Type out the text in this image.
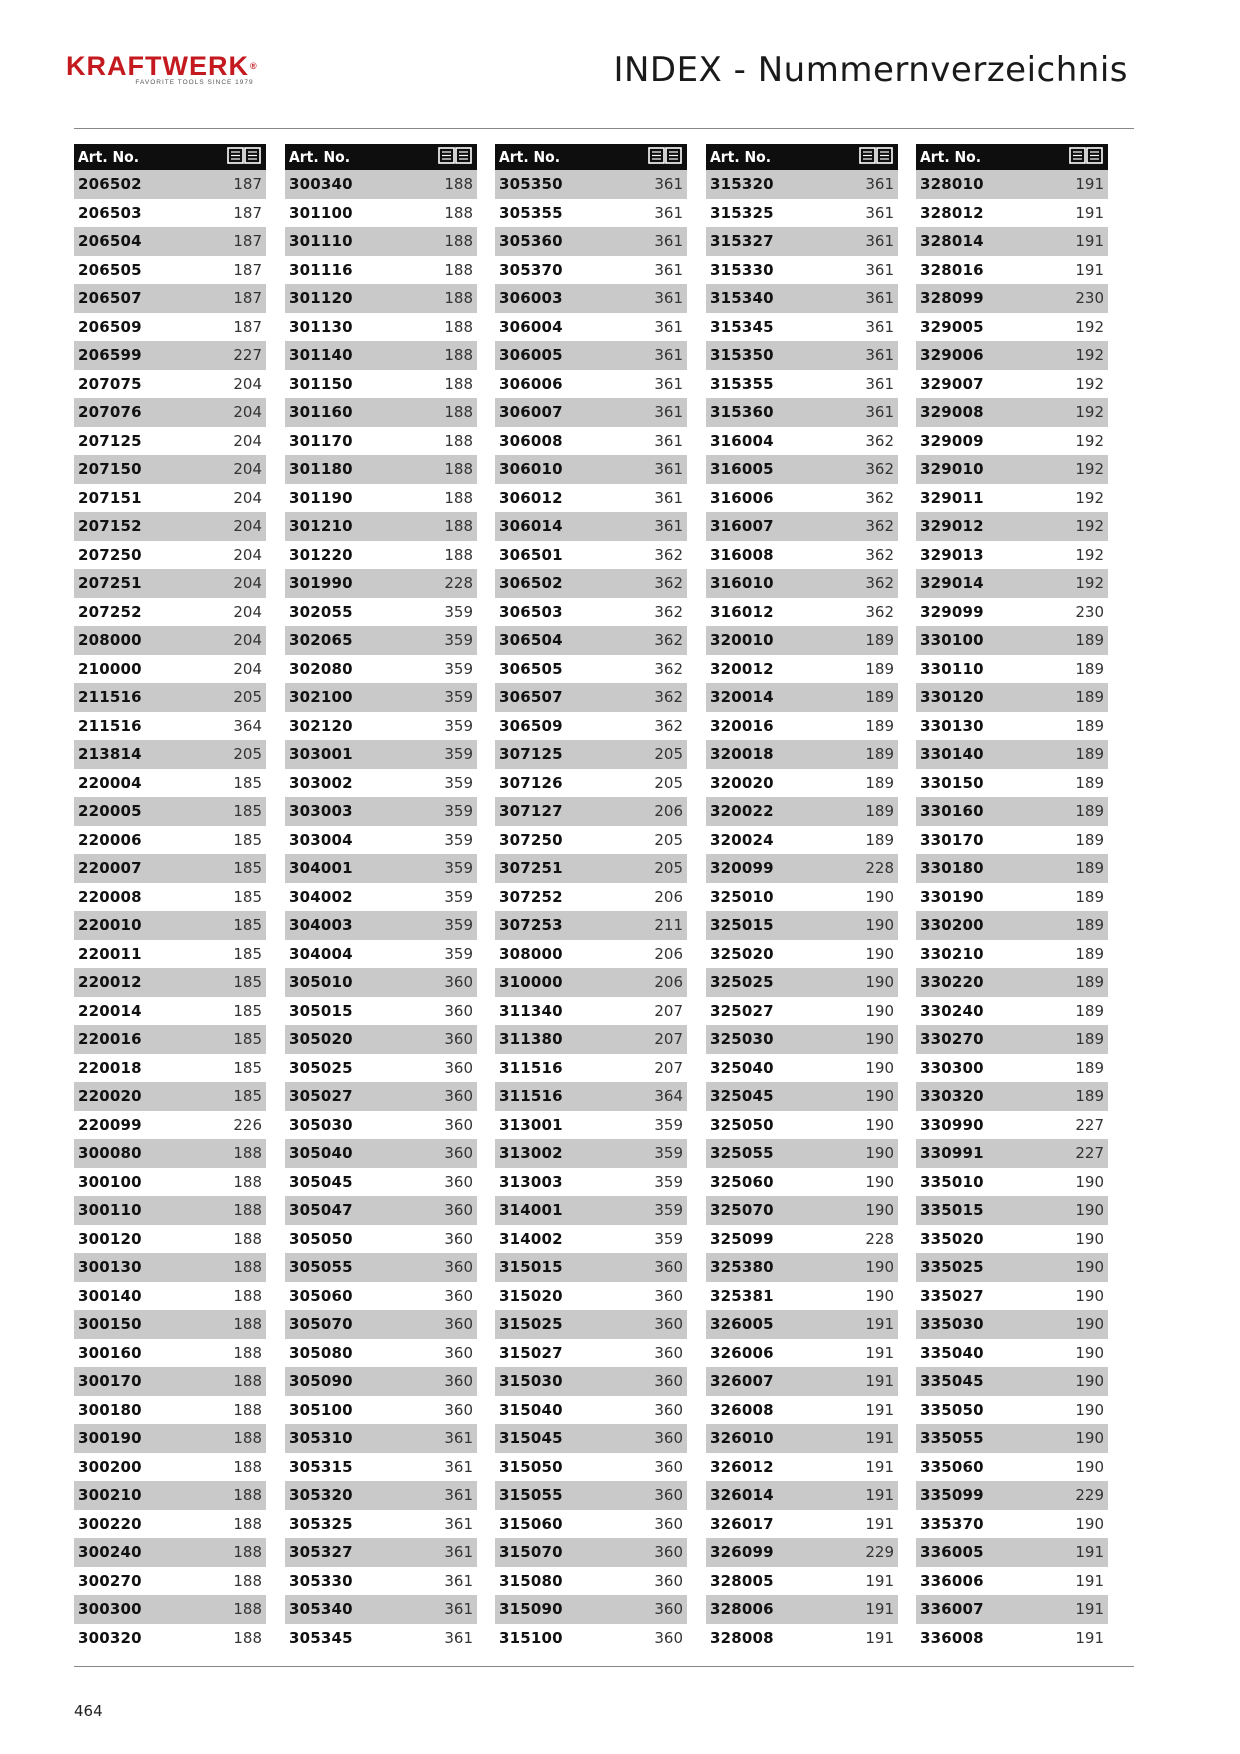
KRAFTWERK®
FAVORITE TOOLS SINCE 1979	INDEX - Nummernverzeichnis
Art. No.
206502	187
206503	187
206504	187
206505	187
206507	187
206509	187
206599	227
207075	204
207076	204
207125	204
207150	204
207151	204
207152	204
207250	204
207251	204
207252	204
208000	204
210000	204
211516	205
211516	364
213814	205
220004	185
220005	185
220006	185
220007	185
220008	185
220010	185
220011	185
220012	185
220014	185
220016	185
220018	185
220020	185
220099	226
300080	188
300100	188
300110	188
300120	188
300130	188
300140	188
300150	188
300160	188
300170	188
300180	188
300190	188
300200	188
300210	188
300220	188
300240	188
300270	188
300300	188
300320	188
Art. No.
300340	188
301100	188
301110	188
301116	188
301120	188
301130	188
301140	188
301150	188
301160	188
301170	188
301180	188
301190	188
301210	188
301220	188
301990	228
302055	359
302065	359
302080	359
302100	359
302120	359
303001	359
303002	359
303003	359
303004	359
304001	359
304002	359
304003	359
304004	359
305010	360
305015	360
305020	360
305025	360
305027	360
305030	360
305040	360
305045	360
305047	360
305050	360
305055	360
305060	360
305070	360
305080	360
305090	360
305100	360
305310	361
305315	361
305320	361
305325	361
305327	361
305330	361
305340	361
305345	361
Art. No.
305350	361
305355	361
305360	361
305370	361
306003	361
306004	361
306005	361
306006	361
306007	361
306008	361
306010	361
306012	361
306014	361
306501	362
306502	362
306503	362
306504	362
306505	362
306507	362
306509	362
307125	205
307126	205
307127	206
307250	205
307251	205
307252	206
307253	211
308000	206
310000	206
311340	207
311380	207
311516	207
311516	364
313001	359
313002	359
313003	359
314001	359
314002	359
315015	360
315020	360
315025	360
315027	360
315030	360
315040	360
315045	360
315050	360
315055	360
315060	360
315070	360
315080	360
315090	360
315100	360
Art. No.
315320	361
315325	361
315327	361
315330	361
315340	361
315345	361
315350	361
315355	361
315360	361
316004	362
316005	362
316006	362
316007	362
316008	362
316010	362
316012	362
320010	189
320012	189
320014	189
320016	189
320018	189
320020	189
320022	189
320024	189
320099	228
325010	190
325015	190
325020	190
325025	190
325027	190
325030	190
325040	190
325045	190
325050	190
325055	190
325060	190
325070	190
325099	228
325380	190
325381	190
326005	191
326006	191
326007	191
326008	191
326010	191
326012	191
326014	191
326017	191
326099	229
328005	191
328006	191
328008	191
Art. No.
328010	191
328012	191
328014	191
328016	191
328099	230
329005	192
329006	192
329007	192
329008	192
329009	192
329010	192
329011	192
329012	192
329013	192
329014	192
329099	230
330100	189
330110	189
330120	189
330130	189
330140	189
330150	189
330160	189
330170	189
330180	189
330190	189
330200	189
330210	189
330220	189
330240	189
330270	189
330300	189
330320	189
330990	227
330991	227
335010	190
335015	190
335020	190
335025	190
335027	190
335030	190
335040	190
335045	190
335050	190
335055	190
335060	190
335099	229
335370	190
336005	191
336006	191
336007	191
336008	191
464
